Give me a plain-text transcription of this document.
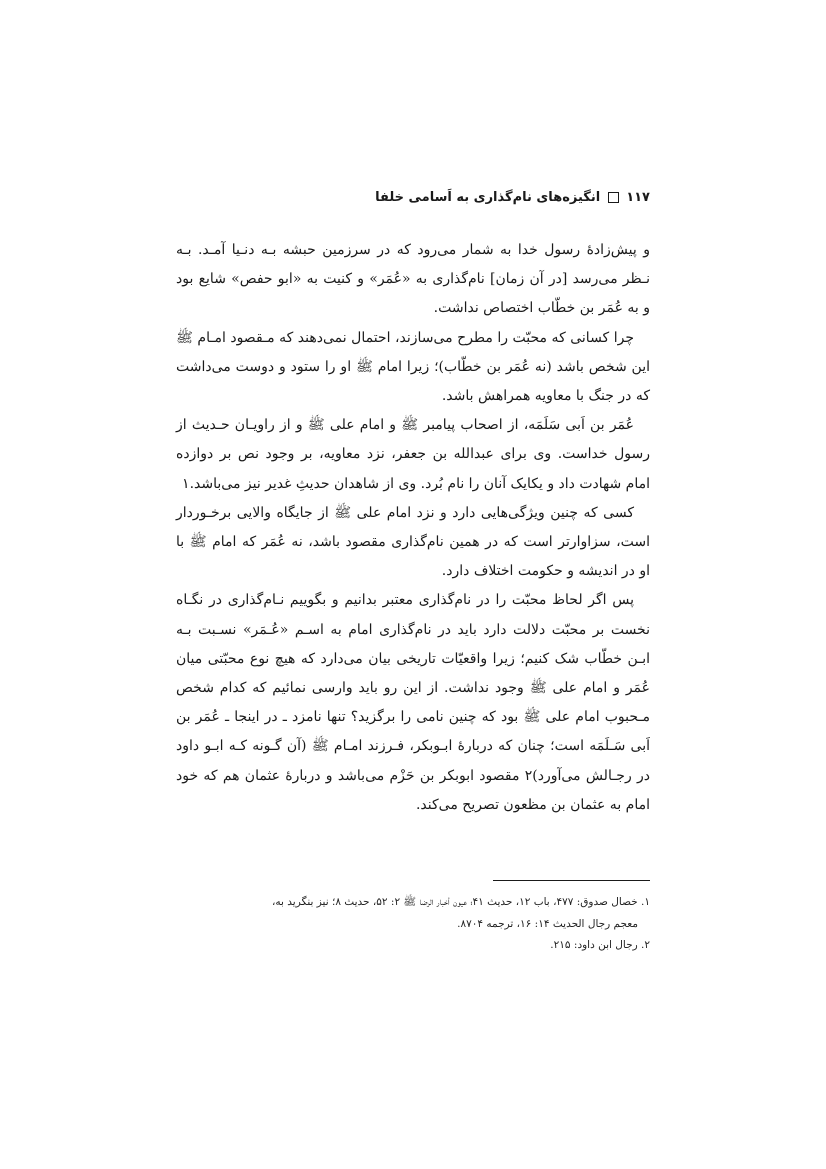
۱۱۷
انگیزه‌های نام‌گذاری به اَسامی خلفا

و پیش‌زادهٔ رسول خدا به شمار می‌رود که در سرزمین حبشه بـه دنـیا آمـد. بـه نـظر می‌رسد [در آن زمان] نام‌گذاری به «عُمَر» و کنیت به «ابو حفص» شایع بود و به عُمَر بن خطّاب اختصاص نداشت.

چرا کسانی که محبّت را مطرح می‌سازند، احتمال نمی‌دهند که مـقصود امـام ﷺ این شخص باشد (نه عُمَر بن خطّاب)؛ زیرا امام ﷺ او را ستود و دوست می‌داشت که در جنگ با معاویه همراهش باشد.

عُمَر بن اَبی سَلَمَه، از اصحاب پیامبر ﷺ و امام علی ﷺ و از راویـان حـدیث از رسول خداست. وی برای عبدالله بن جعفر، نزد معاویه، بر وجود نص بر دوازده امام شهادت داد و یکایک آنان را نام بُرد. وی از شاهدان حدیثِ غدیر نیز می‌باشد.۱

کسی که چنین ویژگی‌هایی دارد و نزد امام علی ﷺ از جایگاه والایی برخـوردار است، سزاوارتر است که در همین نام‌گذاری مقصود باشد، نه عُمَر که امام ﷺ با او در اندیشه و حکومت اختلاف دارد.

پس اگر لحاظ محبّت را در نام‌گذاری معتبر بدانیم و بگوییم نـام‌گذاری در نگـاه نخست بر محبّت دلالت دارد باید در نام‌گذاری امام به اسـم «عُـمَر» نسـبت بـه ابـن خطّاب شک کنیم؛ زیرا واقعیّات تاریخی بیان می‌دارد که هیچ نوع محبّتی میان عُمَر و امام علی ﷺ وجود نداشت. از این رو باید وارسی نمائیم که کدام شخص مـحبوب امام علی ﷺ بود که چنین نامی را برگزید؟ تنها نامزد ـ در اینجا ـ عُمَر بن اَبی سَـلَمَه است؛ چنان که دربارهٔ ابـوبکر، فـرزند امـام ﷺ (آن گـونه کـه ابـو داود در رجـالش می‌آورد)۲ مقصود ابوبکر بن حَزْم می‌باشد و دربارهٔ عثمان هم که خود امام به عثمان بن مظعون تصریح می‌کند.

۱. خصال صدوق: ۴۷۷، باب ۱۲، حدیث ۴۱؛ عیون أخبار الرضا ﷺ ۲: ۵۲، حدیث ۸؛ نیز بنگرید به،
معجم رجال الحدیث ۱۴: ۱۶، ترجمه ۸۷۰۴.
۲. رجال ابن داود: ۲۱۵.
